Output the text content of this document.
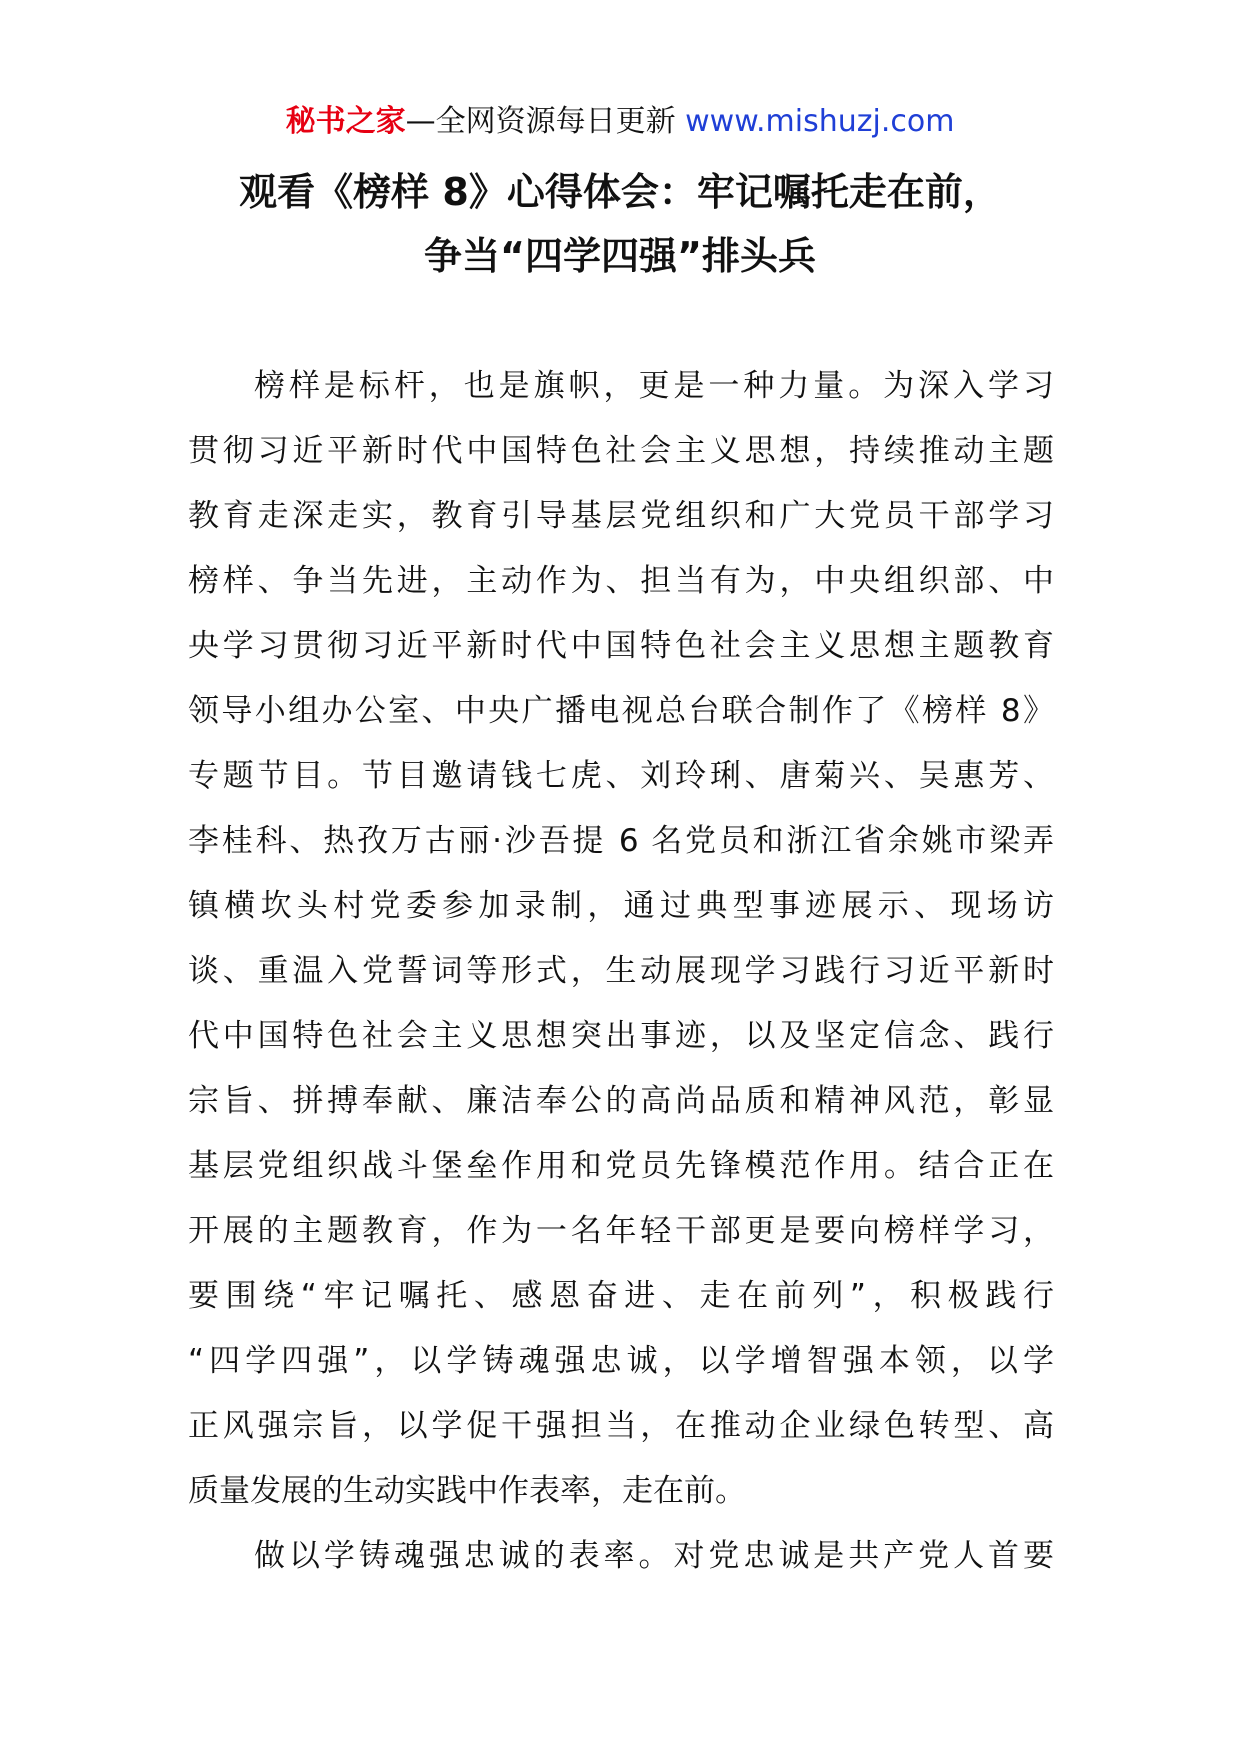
秘书之家—全网资源每日更新 www.mishuzj.com
观看《榜样 8》心得体会：牢记嘱托走在前，
争当“四学四强”排头兵
榜样是标杆，也是旗帜，更是一种力量。为深入学习
贯彻习近平新时代中国特色社会主义思想，持续推动主题
教育走深走实，教育引导基层党组织和广大党员干部学习
榜样、争当先进，主动作为、担当有为，中央组织部、中
央学习贯彻习近平新时代中国特色社会主义思想主题教育
领导小组办公室、中央广播电视总台联合制作了《榜样 8》
专题节目。节目邀请钱七虎、刘玲琍、唐菊兴、吴惠芳、
李桂科、热孜万古丽·沙吾提 6 名党员和浙江省余姚市梁弄
镇横坎头村党委参加录制，通过典型事迹展示、现场访
谈、重温入党誓词等形式，生动展现学习践行习近平新时
代中国特色社会主义思想突出事迹，以及坚定信念、践行
宗旨、拼搏奉献、廉洁奉公的高尚品质和精神风范，彰显
基层党组织战斗堡垒作用和党员先锋模范作用。结合正在
开展的主题教育，作为一名年轻干部更是要向榜样学习，
要围绕“牢记嘱托、感恩奋进、走在前列”，积极践行
“四学四强”，以学铸魂强忠诚，以学增智强本领，以学
正风强宗旨，以学促干强担当，在推动企业绿色转型、高
质量发展的生动实践中作表率，走在前。
做以学铸魂强忠诚的表率。对党忠诚是共产党人首要
